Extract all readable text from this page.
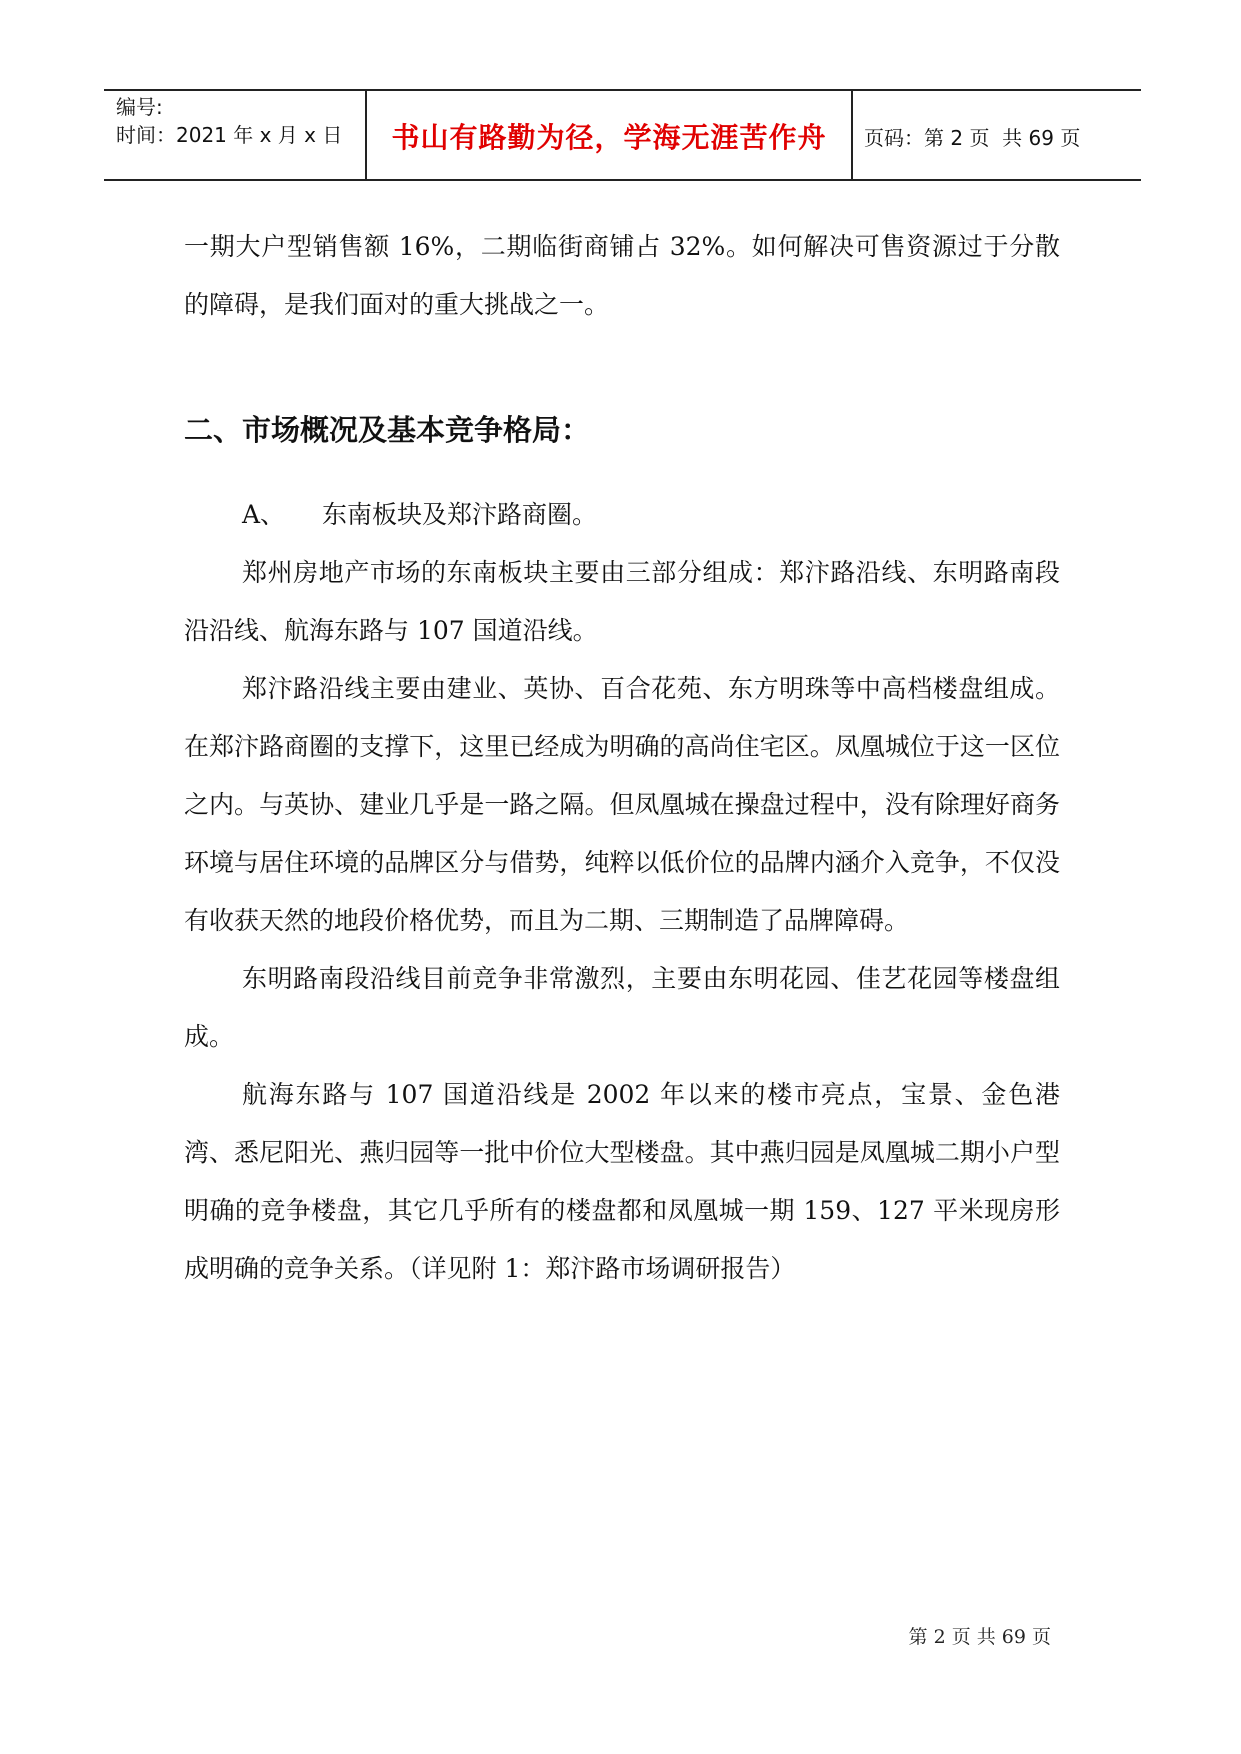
编号:
时间：2021 年 x 月 x 日	书山有路勤为径，学海无涯苦作舟	页码：第 2 页  共 69 页

一期大户型销售额 16%，二期临街商铺占 32%。如何解决可售资源过于分散的障碍，是我们面对的重大挑战之一。

二、市场概况及基本竞争格局：

A、 东南板块及郑汴路商圈。

郑州房地产市场的东南板块主要由三部分组成：郑汴路沿线、东明路南段沿沿线、航海东路与 107 国道沿线。

郑汴路沿线主要由建业、英协、百合花苑、东方明珠等中高档楼盘组成。在郑汴路商圈的支撑下，这里已经成为明确的高尚住宅区。凤凰城位于这一区位之内。与英协、建业几乎是一路之隔。但凤凰城在操盘过程中，没有除理好商务环境与居住环境的品牌区分与借势，纯粹以低价位的品牌内涵介入竞争，不仅没有收获天然的地段价格优势，而且为二期、三期制造了品牌障碍。

东明路南段沿线目前竞争非常激烈，主要由东明花园、佳艺花园等楼盘组成。

航海东路与 107 国道沿线是 2002 年以来的楼市亮点，宝景、金色港湾、悉尼阳光、燕归园等一批中价位大型楼盘。其中燕归园是凤凰城二期小户型明确的竞争楼盘，其它几乎所有的楼盘都和凤凰城一期 159、127 平米现房形成明确的竞争关系。（详见附 1：郑汴路市场调研报告）

第 2 页 共 69 页
